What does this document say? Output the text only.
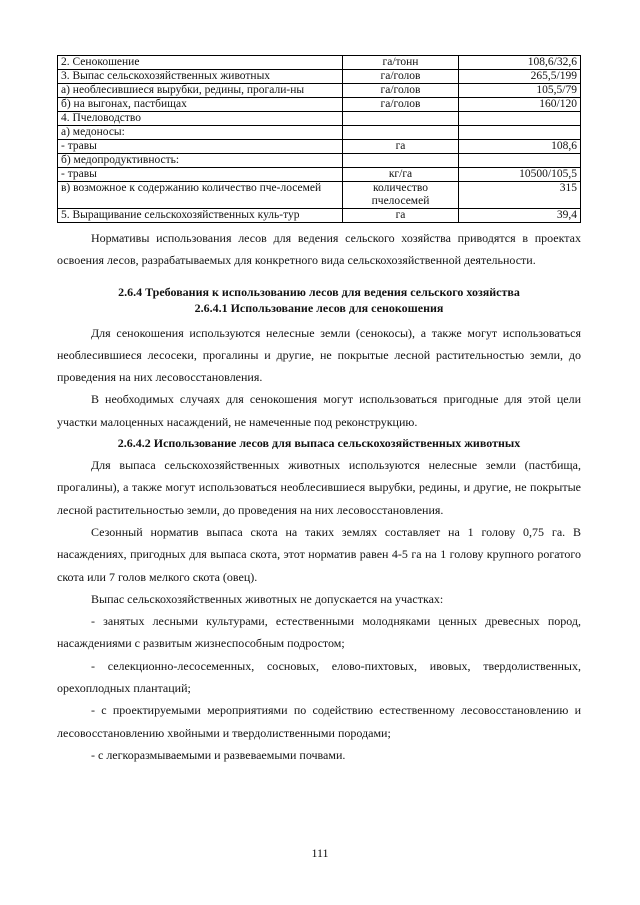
2. Сенокошение	га/тонн	108,6/32,6
3. Выпас сельскохозяйственных животных	га/голов	265,5/199
а) необлесившиеся вырубки, редины, прогали-ны	га/голов	105,5/79
б) на выгонах, пастбищах	га/голов	160/120
4. Пчеловодство		
а) медоносы:		
- травы	га	108,6
б) медопродуктивность:		
- травы	кг/га	10500/105,5
в) возможное к содержанию количество пче-лосемей	количество пчелосемей	315
5. Выращивание сельскохозяйственных куль-тур	га	39,4

Нормативы использования лесов для ведения сельского хозяйства приводятся в проектах освоения лесов, разрабатываемых для конкретного вида сельскохозяйственной деятельности.

2.6.4 Требования к использованию лесов для ведения сельского хозяйства
2.6.4.1 Использование лесов для сенокошения

Для сенокошения используются нелесные земли (сенокосы), а также могут использоваться необлесившиеся лесосеки, прогалины и другие, не покрытые лесной растительностью земли, до проведения на них лесовосстановления.

В необходимых случаях для сенокошения могут использоваться пригодные для этой цели участки малоценных насаждений, не намеченные под реконструкцию.

2.6.4.2 Использование лесов для выпаса сельскохозяйственных животных

Для выпаса сельскохозяйственных животных используются нелесные земли (пастбища, прогалины), а также могут использоваться необлесившиеся вырубки, редины, и другие, не покрытые лесной растительностью земли, до проведения на них лесовосстановления.

Сезонный норматив выпаса скота на таких землях составляет на 1 голову 0,75 га. В насаждениях, пригодных для выпаса скота, этот норматив равен 4-5 га на 1 голову крупного рогатого скота или 7 голов мелкого скота (овец).

Выпас сельскохозяйственных животных не допускается на участках:

- занятых лесными культурами, естественными молодняками ценных древесных пород, насаждениями с развитым жизнеспособным подростом;

- селекционно-лесосеменных, сосновых, елово-пихтовых, ивовых, твердолиственных, орехоплодных плантаций;

- с проектируемыми мероприятиями по содействию естественному лесовосстановлению и лесовосстановлению хвойными и твердолиственными породами;

- с легкоразмываемыми и развеваемыми почвами.

111
